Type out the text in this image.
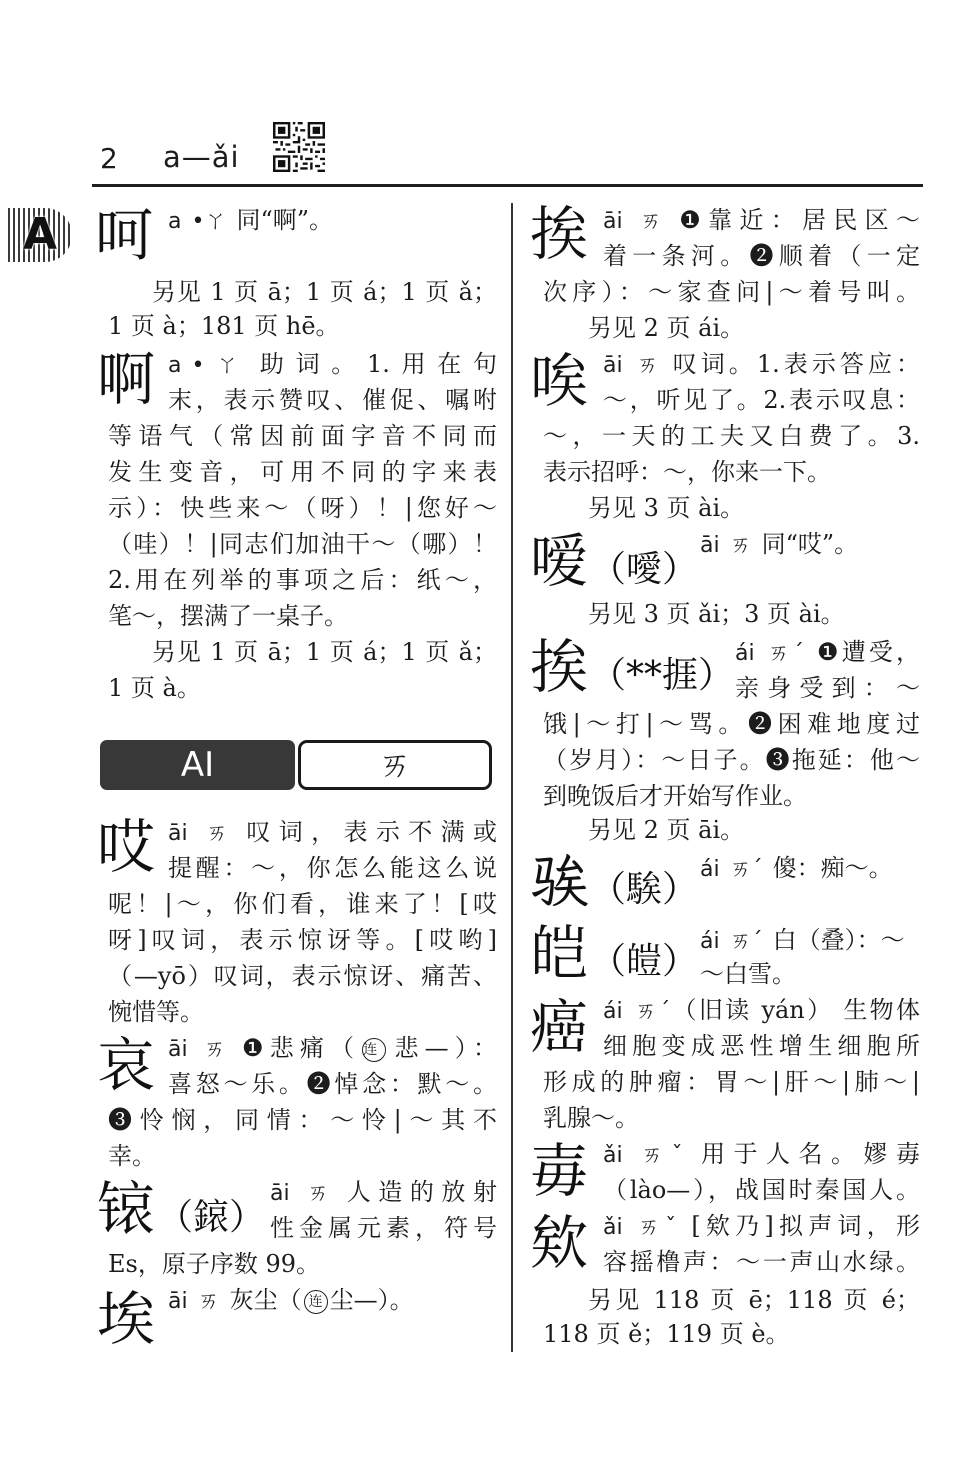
2 a—ǎi
A 呵 a •ㄚ 同“啊”。
另见 1 页 ā；1 页 á；1 页 ǎ；
1 页 à；181 页 hē。
啊 a •ㄚ 助词。1.用在句
末，表示赞叹、催促、嘱咐
等语气（常因前面字音不同而
发生变音，可用不同的字来表
示）：快些来～（呀）！|您好～
（哇）！|同志们加油干～（哪）！
2.用在列举的事项之后：纸～，
笔～，摆满了一桌子。
另见 1 页 ā；1 页 á；1 页 ǎ；
1 页 à。
AI	ㄞ
哎 āi ㄞ 叹词，表示不满或
提醒：～，你怎么能这么说
呢！|～，你们看，谁来了！[哎
呀]叹词，表示惊讶等。[哎哟]
（—yō）叹词，表示惊讶、痛苦、
惋惜等。
哀 āi ㄞ ❶悲痛（ 连 悲—）：
喜怒～乐。❷悼念：默～。
❸怜悯，同情：～怜|～其不
幸。
锿（鎄）
āi ㄞ 人造的放射
性金属元素，符号
Es，原子序数 99。
埃 āi ㄞ 灰尘（ 连 尘—）。
挨 āi ㄞ ❶靠近：居民区～
着一条河。❷顺着（一定
次序）：～家查问|～着号叫。
另见 2 页 ái。
唉 āi ㄞ 叹词。1.表示答应：
～，听见了。2.表示叹息：
～，一天的工夫又白费了。3.
表示招呼：～，你来一下。
另见 3 页 ài。
嗳（噯）
āi ㄞ 同“哎”。
另见 3 页 ǎi；3 页 ài。
挨（**捱）
ái ㄞˊ ❶遭受，
亲身受到：～
饿|～打|～骂。❷困难地度过
（岁月）：～日子。❸拖延：他～
到晚饭后才开始写作业。
另见 2 页 āi。
𫘤（騃） ái ㄞˊ 傻：痴～。
皑（皚） ái ㄞˊ 白（叠）：～
～白雪。
癌 ái ㄞˊ（旧读 yán） 生物体
细胞变成恶性增生细胞所
形成的肿瘤：胃～|肝～|肺～|
乳腺～。
毐 ǎi ㄞˇ 用于人名。嫪毐
（lào—），战国时秦国人。
欸 ǎi ㄞˇ [欸乃]拟声词，形
容摇橹声：～一声山水绿。
另见 118 页 ē；118 页 é；
118 页 ě；119 页 è。
